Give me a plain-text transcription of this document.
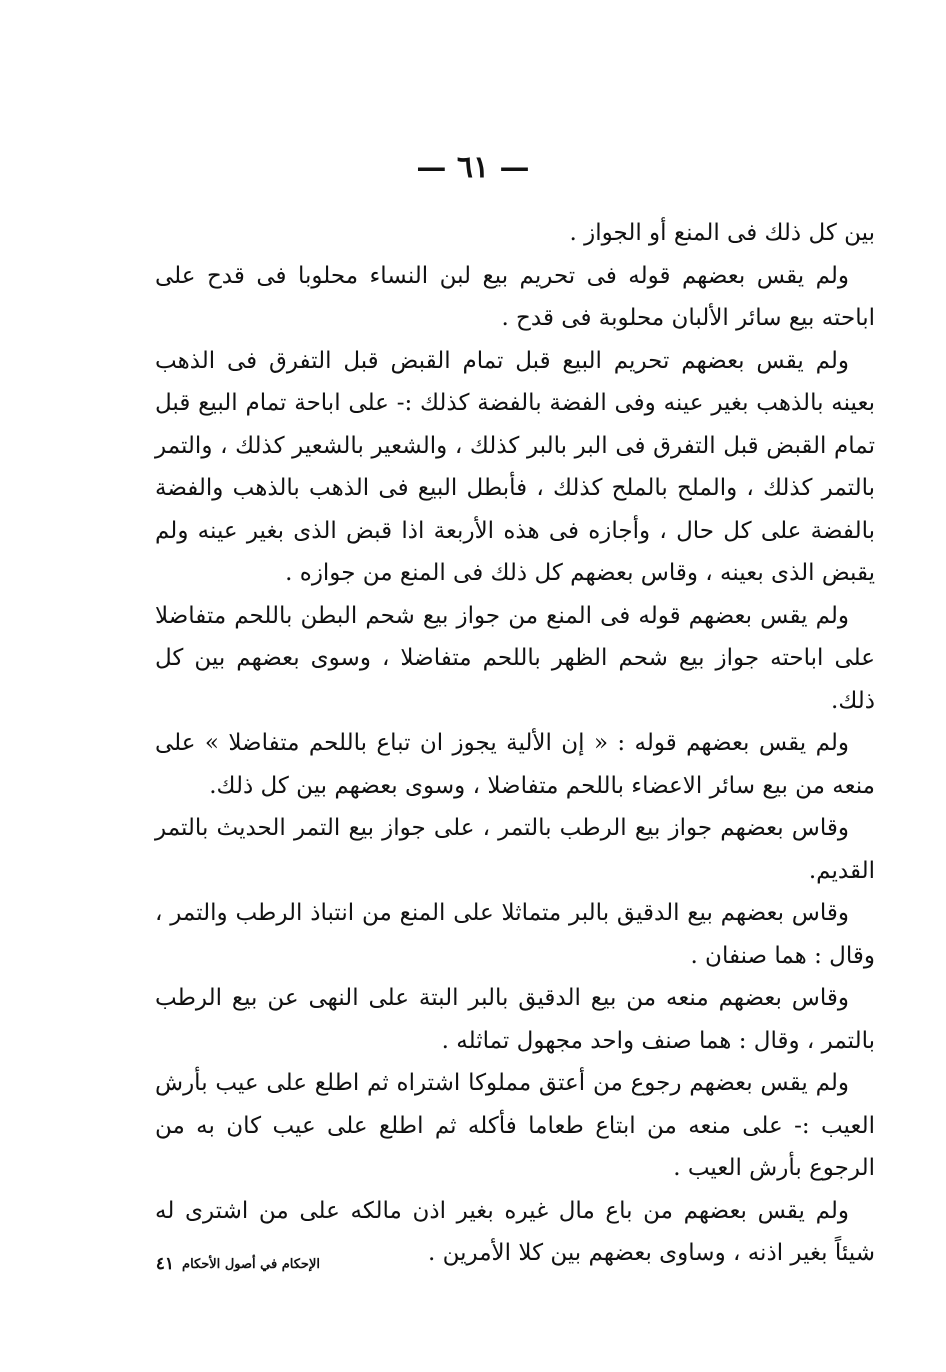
— ٦١ —

بين كل ذلك فى المنع أو الجواز .

ولم يقس بعضهم قوله فى تحريم بيع لبن النساء محلوبا فى قدح على اباحته بيع سائر الألبان محلوبة فى قدح .

ولم يقس بعضهم تحريم البيع قبل تمام القبض قبل التفرق فى الذهب بعينه بالذهب بغير عينه وفى الفضة بالفضة كذلك :- على اباحة تمام البيع قبل تمام القبض قبل التفرق فى البر بالبر كذلك ، والشعير بالشعير كذلك ، والتمر بالتمر كذلك ، والملح بالملح كذلك ، فأبطل البيع فى الذهب بالذهب والفضة بالفضة على كل حال ، وأجازه فى هذه الأربعة اذا قبض الذى بغير عينه ولم يقبض الذى بعينه ، وقاس بعضهم كل ذلك فى المنع من جوازه .

ولم يقس بعضهم قوله فى المنع من جواز بيع شحم البطن باللحم متفاضلا على اباحته جواز بيع شحم الظهر باللحم متفاضلا ، وسوى بعضهم بين كل ذلك.

ولم يقس بعضهم قوله : « إن الألية يجوز ان تباع باللحم متفاضلا » على منعه من بيع سائر الاعضاء باللحم متفاضلا ، وسوى بعضهم بين كل ذلك.

وقاس بعضهم جواز بيع الرطب بالتمر ، على جواز بيع التمر الحديث بالتمر القديم.

وقاس بعضهم بيع الدقيق بالبر متماثلا على المنع من انتباذ الرطب والتمر ، وقال : هما صنفان .

وقاس بعضهم منعه من بيع الدقيق بالبر البتة على النهى عن بيع الرطب بالتمر ، وقال : هما صنف واحد مجهول تماثله .

ولم يقس بعضهم رجوع من أعتق مملوكا اشتراه ثم اطلع على عيب بأرش العيب :- على منعه من ابتاع طعاما فأكله ثم اطلع على عيب كان به من الرجوع بأرش العيب .

ولم يقس بعضهم من باع مال غيره بغير اذن مالكه على من اشترى له شيئاً بغير اذنه ، وساوى بعضهم بين كلا الأمرين .

الإحكام في أصول الأحكام
٤١
